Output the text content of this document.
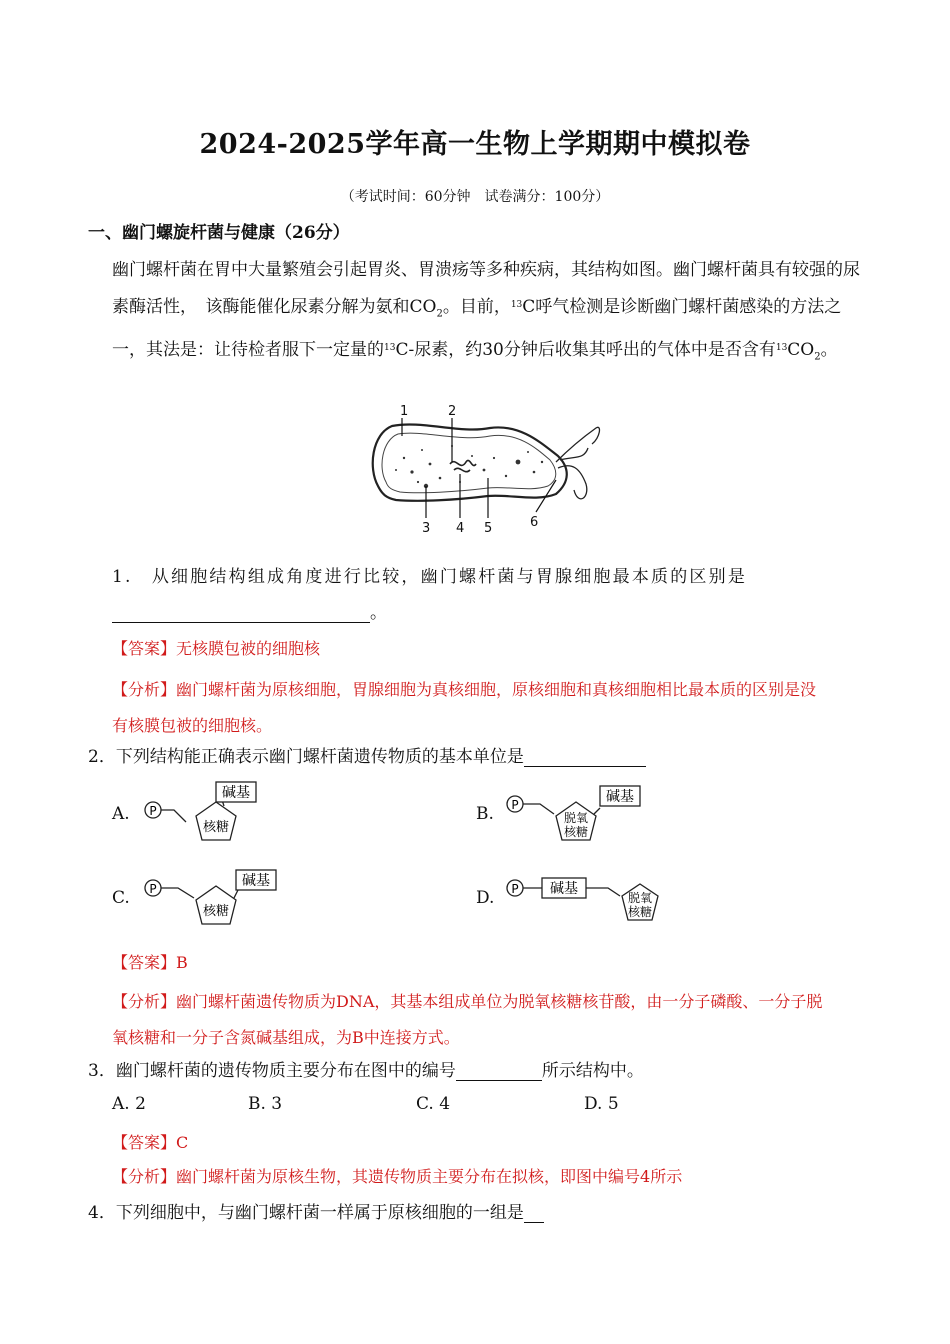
2024-2025学年高一生物上学期期中模拟卷
（考试时间：60分钟　试卷满分：100分）
一、幽门螺旋杆菌与健康（26分）
幽门螺杆菌在胃中大量繁殖会引起胃炎、胃溃疡等多种疾病，其结构如图。幽门螺杆菌具有较强的尿素酶活性，　该酶能催化尿素分解为氨和$CO_2$。目前，$^{13}$C呼气检测是诊断幽门螺杆菌感染的方法之一，其法是：让待检者服下一定量的$^{13}$C-尿素，约30分钟后收集其呼出的气体中是否含有$^{13}CO_2$。
1	2
3 4 5	6
1.　从细胞结构组成角度进行比较，幽门螺杆菌与胃腺细胞最本质的区别是
。
【答案】无核膜包被的细胞核
【分析】幽门螺杆菌为原核细胞，胃腺细胞为真核细胞，原核细胞和真核细胞相比最本质的区别是没
有核膜包被的细胞核。
2．下列结构能正确表示幽门螺杆菌遗传物质的基本单位是
A. P
碱基
核糖
B. P	碱基
脱氧
核糖
C. P	碱基
核糖
D. P 碱基
脱氧
核糖
【答案】B
【分析】幽门螺杆菌遗传物质为DNA，其基本组成单位为脱氧核糖核苷酸，由一分子磷酸、一分子脱
氧核糖和一分子含氮碱基组成，为B中连接方式。
3．幽门螺杆菌的遗传物质主要分布在图中的编号	所示结构中。
A. 2	B. 3	C. 4	D. 5
【答案】C
【分析】幽门螺杆菌为原核生物，其遗传物质主要分布在拟核，即图中编号4所示
4．下列细胞中，与幽门螺杆菌一样属于原核细胞的一组是
